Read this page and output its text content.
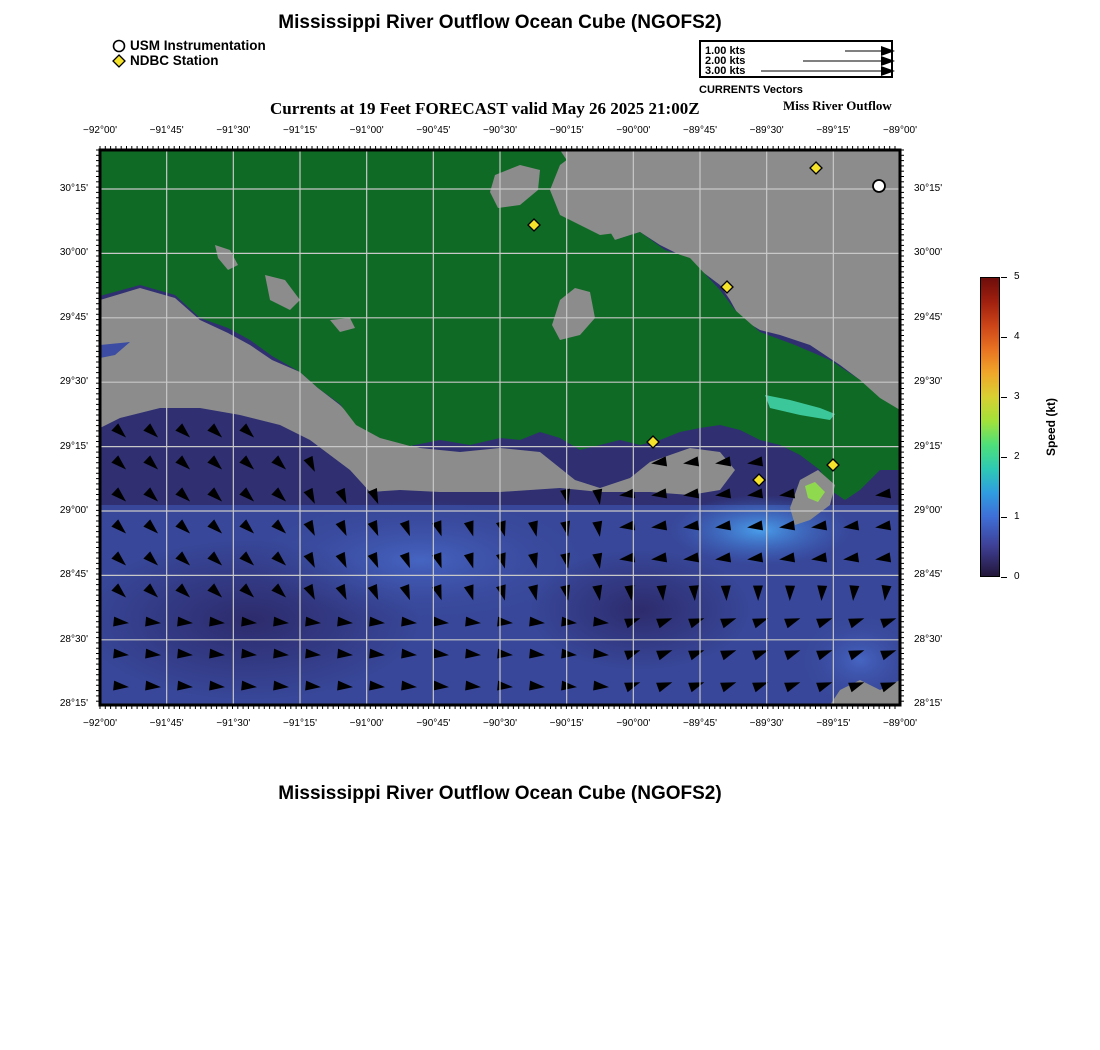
Mississippi River Outflow Ocean Cube (NGOFS2)
USM Instrumentation
NDBC Station
1.00 kts
2.00 kts
3.00 kts
CURRENTS Vectors
Currents at 19 Feet FORECAST valid May 26 2025 21:00Z	Miss River Outflow
−92°00'	−91°45'	−91°30'	−91°15'	−91°00'	−90°45'	−90°30'	−90°15'	−90°00'	−89°45'	−89°30'	−89°15'	−89°00'
−92°00'	−91°45'	−91°30'	−91°15'	−91°00'	−90°45'	−90°30'	−90°15'	−90°00'	−89°45'	−89°30'	−89°15'	−89°00'
30°15'
30°00'
29°45'
29°30'
29°15'
29°00'
28°45'
28°30'
28°15'
30°15'
30°00'
29°45'
29°30'
29°15'
29°00'
28°45'
28°30'
28°15'
0
1
2
3
4
5
Speed (kt)
Mississippi River Outflow Ocean Cube (NGOFS2)
